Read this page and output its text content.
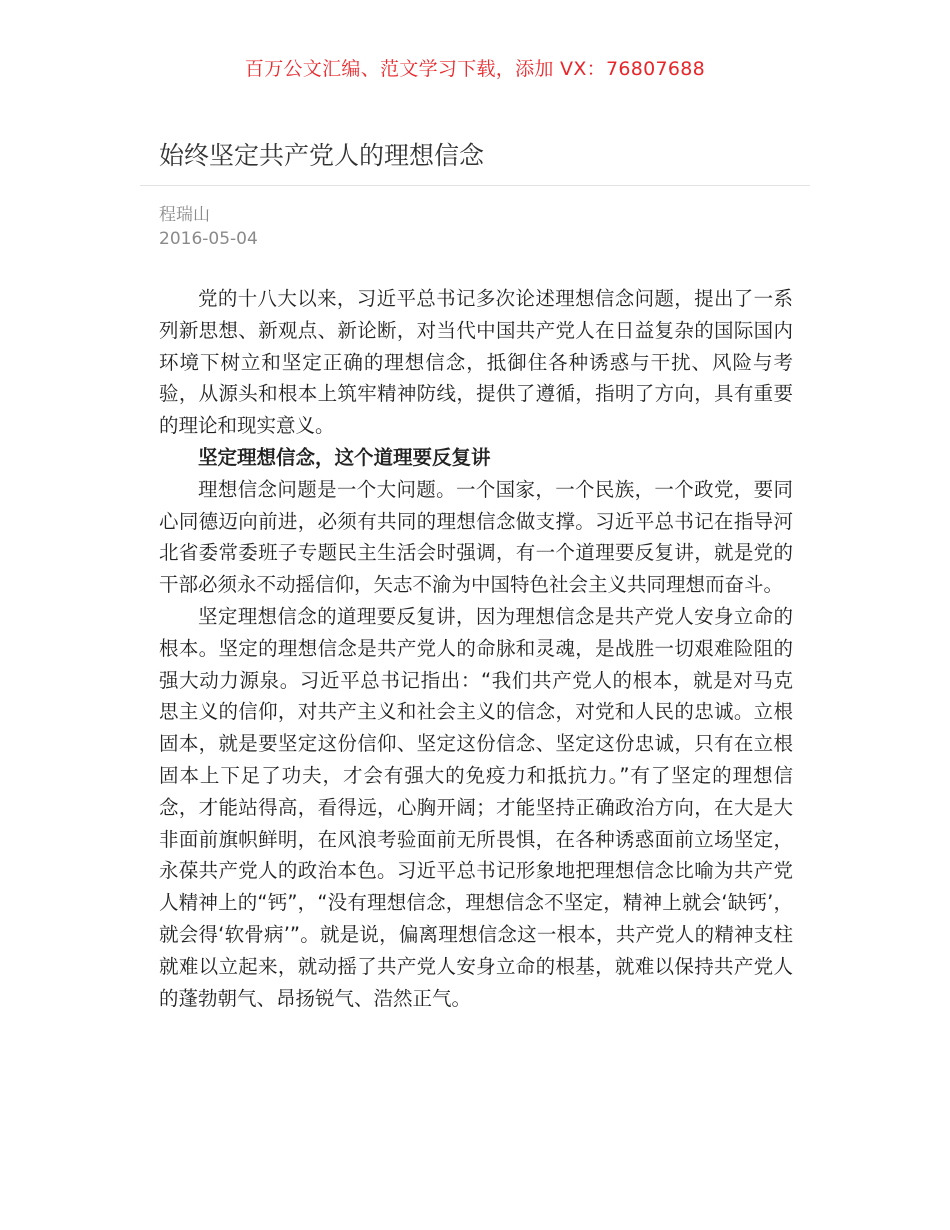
百万公文汇编、范文学习下载，添加 VX：76807688
始终坚定共产党人的理想信念
程瑞山
2016-05-04

党的十八大以来，习近平总书记多次论述理想信念问题，提出了一系列新思想、新观点、新论断，对当代中国共产党人在日益复杂的国际国内环境下树立和坚定正确的理想信念，抵御住各种诱惑与干扰、风险与考验，从源头和根本上筑牢精神防线，提供了遵循，指明了方向，具有重要的理论和现实意义。

坚定理想信念，这个道理要反复讲

理想信念问题是一个大问题。一个国家，一个民族，一个政党，要同心同德迈向前进，必须有共同的理想信念做支撑。习近平总书记在指导河北省委常委班子专题民主生活会时强调，有一个道理要反复讲，就是党的干部必须永不动摇信仰，矢志不渝为中国特色社会主义共同理想而奋斗。

坚定理想信念的道理要反复讲，因为理想信念是共产党人安身立命的根本。坚定的理想信念是共产党人的命脉和灵魂，是战胜一切艰难险阻的强大动力源泉。习近平总书记指出：“我们共产党人的根本，就是对马克思主义的信仰，对共产主义和社会主义的信念，对党和人民的忠诚。立根固本，就是要坚定这份信仰、坚定这份信念、坚定这份忠诚，只有在立根固本上下足了功夫，才会有强大的免疫力和抵抗力。”有了坚定的理想信念，才能站得高，看得远，心胸开阔；才能坚持正确政治方向，在大是大非面前旗帜鲜明，在风浪考验面前无所畏惧，在各种诱惑面前立场坚定，永葆共产党人的政治本色。习近平总书记形象地把理想信念比喻为共产党人精神上的“钙”，“没有理想信念，理想信念不坚定，精神上就会‘缺钙’，就会得‘软骨病’”。就是说，偏离理想信念这一根本，共产党人的精神支柱就难以立起来，就动摇了共产党人安身立命的根基，就难以保持共产党人的蓬勃朝气、昂扬锐气、浩然正气。
